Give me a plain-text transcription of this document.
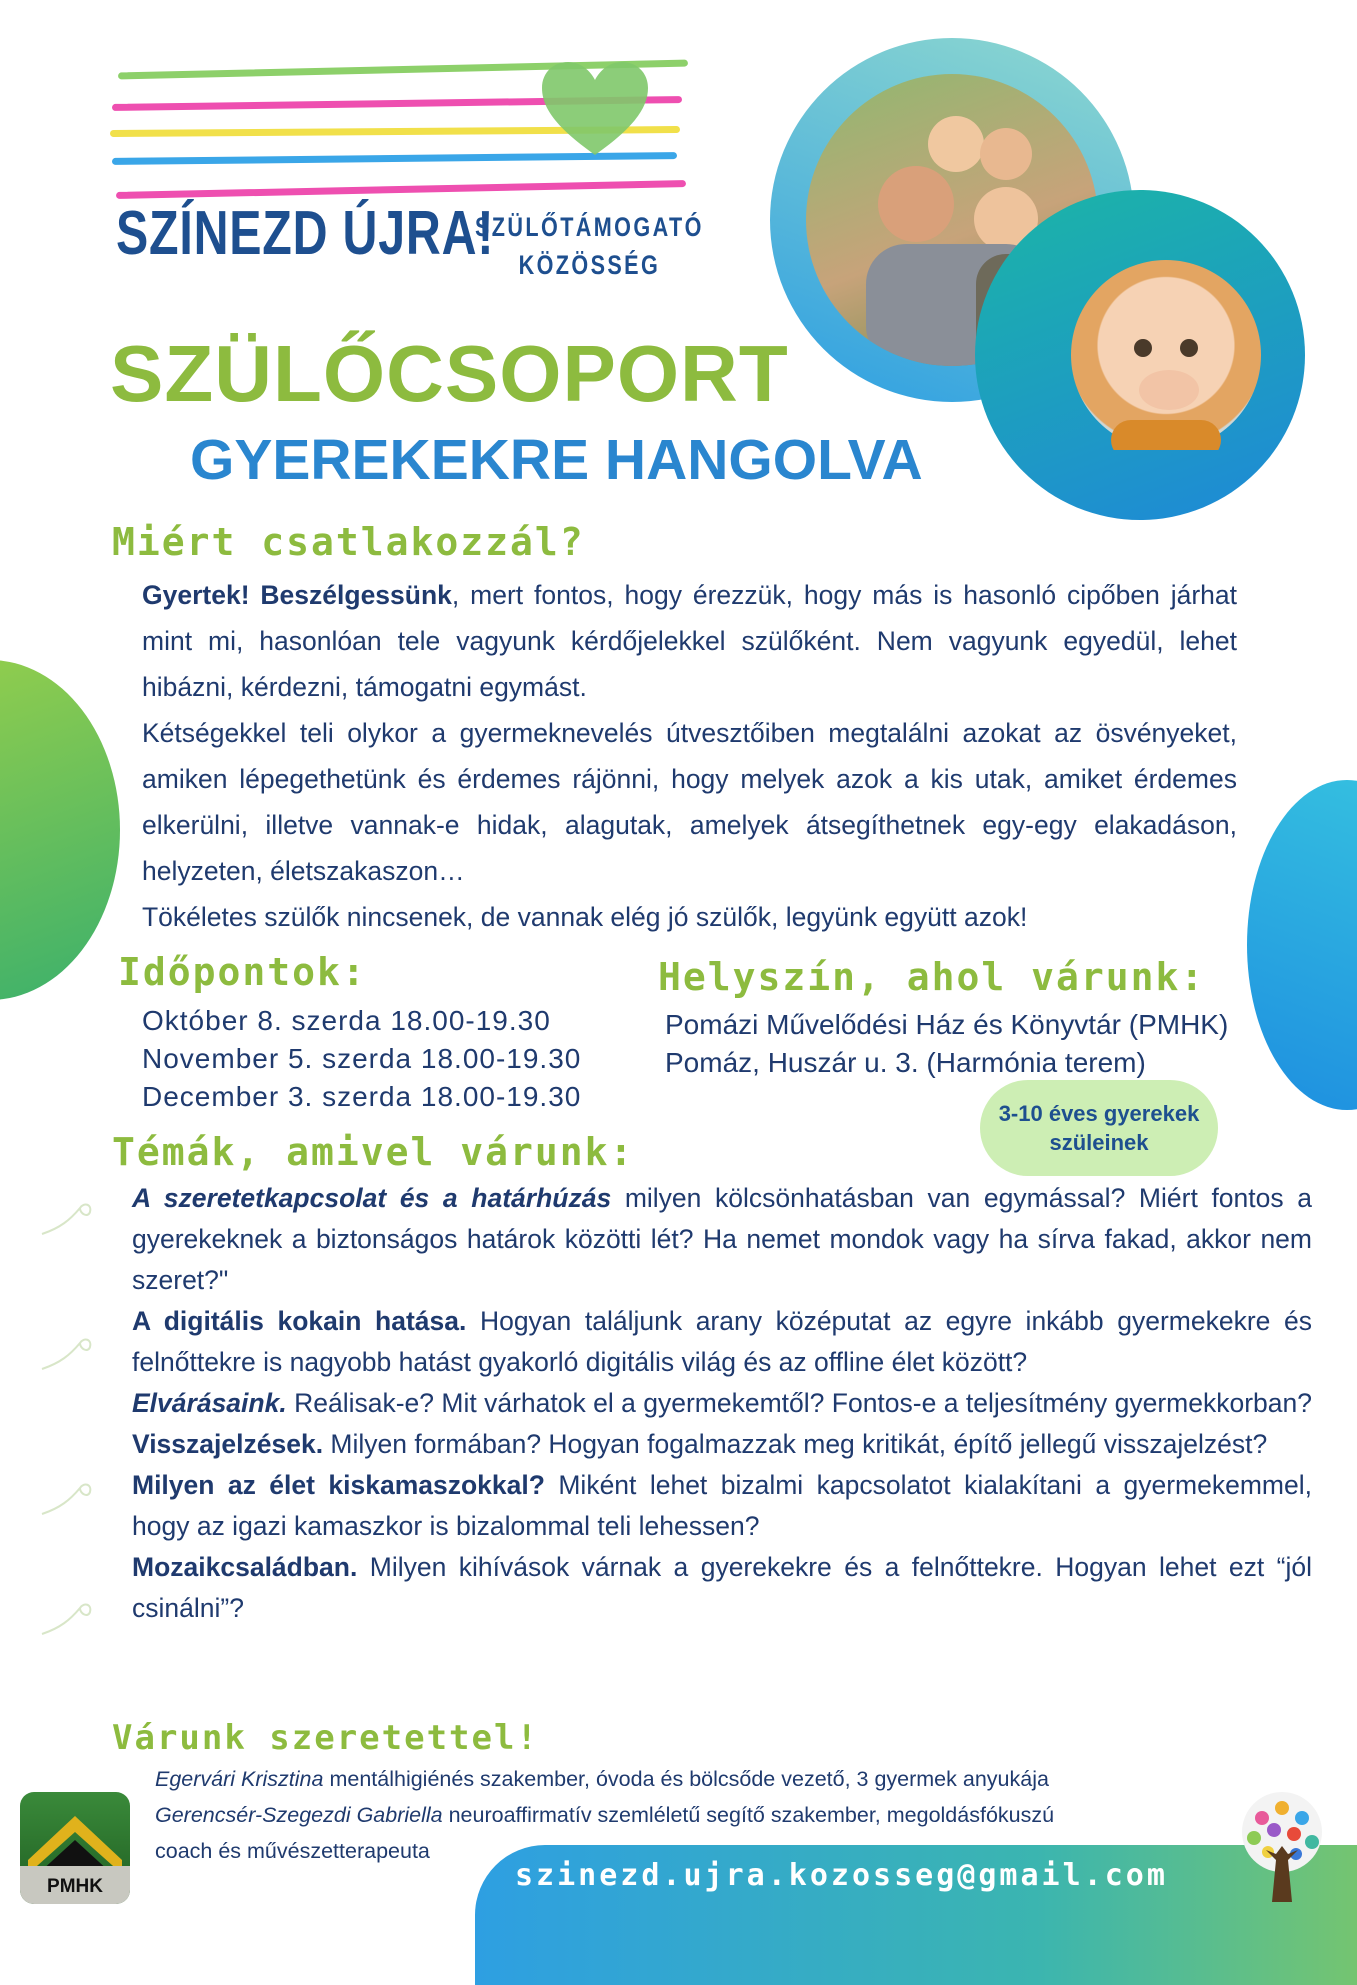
SZÍNEZD ÚJRA!
SZÜLŐTÁMOGATÓ
KÖZÖSSÉG
SZÜLŐCSOPORT
GYEREKEKRE HANGOLVA
Miért csatlakozzál?

Gyertek! Beszélgessünk, mert fontos, hogy érezzük, hogy más is hasonló cipőben járhat mint mi, hasonlóan tele vagyunk kérdőjelekkel szülőként. Nem vagyunk egyedül, lehet hibázni, kérdezni, támogatni egymást.

Kétségekkel teli olykor a gyermeknevelés útvesztőiben megtalálni azokat az ösvényeket, amiken lépegethetünk és érdemes rájönni, hogy melyek azok a kis utak, amiket érdemes elkerülni, illetve vannak-e hidak, alagutak, amelyek átsegíthetnek egy-egy elakadáson, helyzeten, életszakaszon…

Tökéletes szülők nincsenek, de vannak elég jó szülők, legyünk együtt azok!

Időpontok:
Október 8. szerda 18.00-19.30
November 5. szerda 18.00-19.30
December 3. szerda 18.00-19.30
Helyszín, ahol várunk:
Pomázi Művelődési Ház és Könyvtár (PMHK)
Pomáz, Huszár u. 3. (Harmónia terem)
3-10 éves gyerekek
szüleinek
Témák, amivel várunk:

A szeretetkapcsolat és a határhúzás milyen kölcsönhatásban van egymással? Miért fontos a gyerekeknek a biztonságos határok közötti lét? Ha nemet mondok vagy ha sírva fakad, akkor nem szeret?"

A digitális kokain hatása. Hogyan találjunk arany középutat az egyre inkább gyermekekre és felnőttekre is nagyobb hatást gyakorló digitális világ és az offline élet között?

Elvárásaink. Reálisak-e? Mit várhatok el a gyermekemtől? Fontos-e a teljesítmény gyermekkorban? Visszajelzések. Milyen formában? Hogyan fogalmazzak meg kritikát, építő jellegű visszajelzést?

Milyen az élet kiskamaszokkal? Miként lehet bizalmi kapcsolatot kialakítani a gyermekemmel, hogy az igazi kamaszkor is bizalommal teli lehessen?

Mozaikcsaládban. Milyen kihívások várnak a gyerekekre és a felnőttekre. Hogyan lehet ezt “jól csinálni”?

Várunk szeretettel!
Egervári Krisztina mentálhigiénés szakember, óvoda és bölcsőde vezető, 3 gyermek anyukája
Gerencsér-Szegezdi Gabriella neuroaffirmatív szemléletű segítő szakember, megoldásfókuszú
coach és művészetterapeuta
szinezd.ujra.kozosseg@gmail.com
PMHK
